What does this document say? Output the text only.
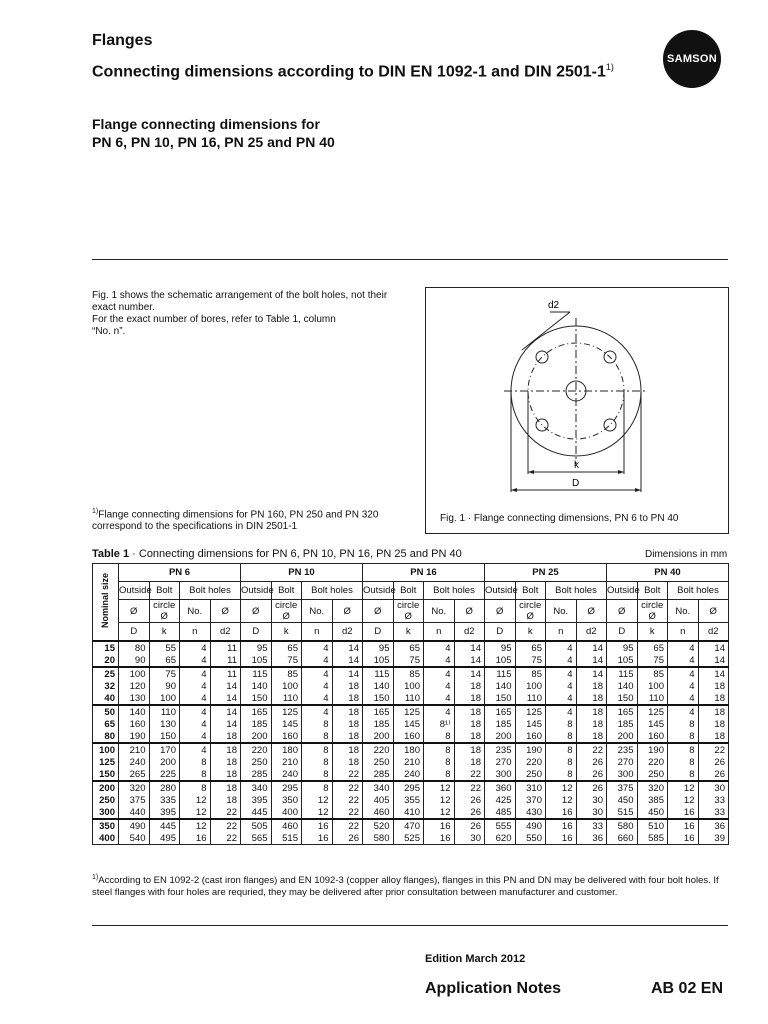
Flanges
Connecting dimensions according to DIN EN 1092-1 and DIN 2501-1$^{1)}$
SAMSON
Flange connecting dimensions for
PN 6, PN 10, PN 16, PN 25 and PN 40
Fig. 1 shows the schematic arrangement of the bolt holes, not their exact number.
For the exact number of bores, refer to Table 1, column
“No. n”.
$^{1)}$Flange connecting dimensions for PN 160, PN 250 and PN 320 correspond to the specifications in DIN 2501-1
d2
k
D
Fig. 1 · Flange connecting dimensions, PN 6 to PN 40
Table 1 · Connecting dimensions for PN 6, PN 10, PN 16, PN 25 and PN 40	Dimensions in mm
Nominal size	PN 6				PN 10				PN 16				PN 25				PN 40			
	Outside	Bolt	Bolt holes		Outside	Bolt	Bolt holes		Outside	Bolt	Bolt holes		Outside	Bolt	Bolt holes		Outside	Bolt	Bolt holes	
	Ø	circle Ø	No.	Ø	Ø	circle Ø	No.	Ø	Ø	circle Ø	No.	Ø	Ø	circle Ø	No.	Ø	Ø	circle Ø	No.	Ø
	D	k	n	d2	D	k	n	d2	D	k	n	d2	D	k	n	d2	D	k	n	d2
15	80	55	4	11	95	65	4	14	95	65	4	14	95	65	4	14	95	65	4	14
20	90	65	4	11	105	75	4	14	105	75	4	14	105	75	4	14	105	75	4	14
25	100	75	4	11	115	85	4	14	115	85	4	14	115	85	4	14	115	85	4	14
32	120	90	4	14	140	100	4	18	140	100	4	18	140	100	4	18	140	100	4	18
40	130	100	4	14	150	110	4	18	150	110	4	18	150	110	4	18	150	110	4	18
50	140	110	4	14	165	125	4	18	165	125	4	18	165	125	4	18	165	125	4	18
65	160	130	4	14	185	145	8	18	185	145	8¹⁾	18	185	145	8	18	185	145	8	18
80	190	150	4	18	200	160	8	18	200	160	8	18	200	160	8	18	200	160	8	18
100	210	170	4	18	220	180	8	18	220	180	8	18	235	190	8	22	235	190	8	22
125	240	200	8	18	250	210	8	18	250	210	8	18	270	220	8	26	270	220	8	26
150	265	225	8	18	285	240	8	22	285	240	8	22	300	250	8	26	300	250	8	26
200	320	280	8	18	340	295	8	22	340	295	12	22	360	310	12	26	375	320	12	30
250	375	335	12	18	395	350	12	22	405	355	12	26	425	370	12	30	450	385	12	33
300	440	395	12	22	445	400	12	22	460	410	12	26	485	430	16	30	515	450	16	33
350	490	445	12	22	505	460	16	22	520	470	16	26	555	490	16	33	580	510	16	36
400	540	495	16	22	565	515	16	26	580	525	16	30	620	550	16	36	660	585	16	39
$^{1)}$According to EN 1092-2 (cast iron flanges) and EN 1092-3 (copper alloy flanges), flanges in this PN and DN may be delivered with four bolt holes. If steel flanges with four holes are requried, they may be delivered after prior consultation between manufacturer and customer.
Edition March 2012
Application Notes	AB 02 EN
